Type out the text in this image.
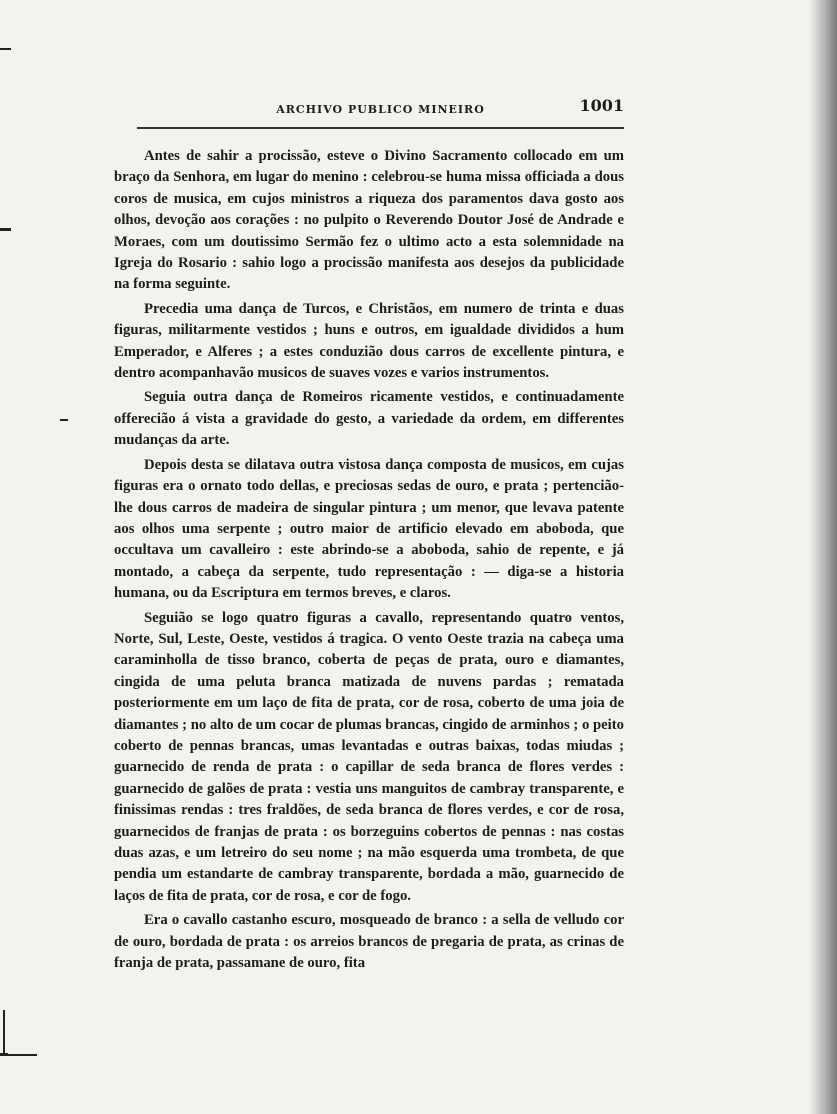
ARCHIVO PUBLICO MINEIRO	1001

Antes de sahir a procissão, esteve o Divino Sacramento collocado em um braço da Senhora, em lugar do menino : celebrou-se huma missa officiada a dous coros de musica, em cujos ministros a riqueza dos paramentos dava gosto aos olhos, devoção aos corações : no pulpito o Reverendo Doutor José de Andrade e Moraes, com um doutissimo Sermão fez o ultimo acto a esta solemnidade na Igreja do Rosario : sahio logo a procissão manifesta aos desejos da publicidade na forma seguinte.

Precedia uma dança de Turcos, e Christãos, em numero de trinta e duas figuras, militarmente vestidos ; huns e outros, em igualdade divididos a hum Emperador, e Alferes ; a estes conduzião dous carros de excellente pintura, e dentro acompanhavão musicos de suaves vozes e varios instrumentos.

Seguia outra dança de Romeiros ricamente vestidos, e continuadamente offerecião á vista a gravidade do gesto, a variedade da ordem, em differentes mudanças da arte.

Depois desta se dilatava outra vistosa dança composta de musicos, em cujas figuras era o ornato todo dellas, e preciosas sedas de ouro, e prata ; pertencião-lhe dous carros de madeira de singular pintura ; um menor, que levava patente aos olhos uma serpente ; outro maior de artificio elevado em aboboda, que occultava um cavalleiro : este abrindo-se a aboboda, sahio de repente, e já montado, a cabeça da serpente, tudo representação : — diga-se a historia humana, ou da Escriptura em termos breves, e claros.

Seguião se logo quatro figuras a cavallo, representando quatro ventos, Norte, Sul, Leste, Oeste, vestidos á tragica. O vento Oeste trazia na cabeça uma caraminholla de tisso branco, coberta de peças de prata, ouro e diamantes, cingida de uma peluta branca matizada de nuvens pardas ; rematada posteriormente em um laço de fita de prata, cor de rosa, coberto de uma joia de diamantes ; no alto de um cocar de plumas brancas, cingido de arminhos ; o peito coberto de pennas brancas, umas levantadas e outras baixas, todas miudas ; guarnecido de renda de prata : o capillar de seda branca de flores verdes : guarnecido de galões de prata : vestia uns manguitos de cambray transparente, e finissimas rendas : tres fraldões, de seda branca de flores verdes, e cor de rosa, guarnecidos de franjas de prata : os borzeguins cobertos de pennas : nas costas duas azas, e um letreiro do seu nome ; na mão esquerda uma trombeta, de que pendia um estandarte de cambray transparente, bordada a mão, guarnecido de laços de fita de prata, cor de rosa, e cor de fogo.

Era o cavallo castanho escuro, mosqueado de branco : a sella de velludo cor de ouro, bordada de prata : os arreios brancos de pregaria de prata, as crinas de franja de prata, passamane de ouro, fita
